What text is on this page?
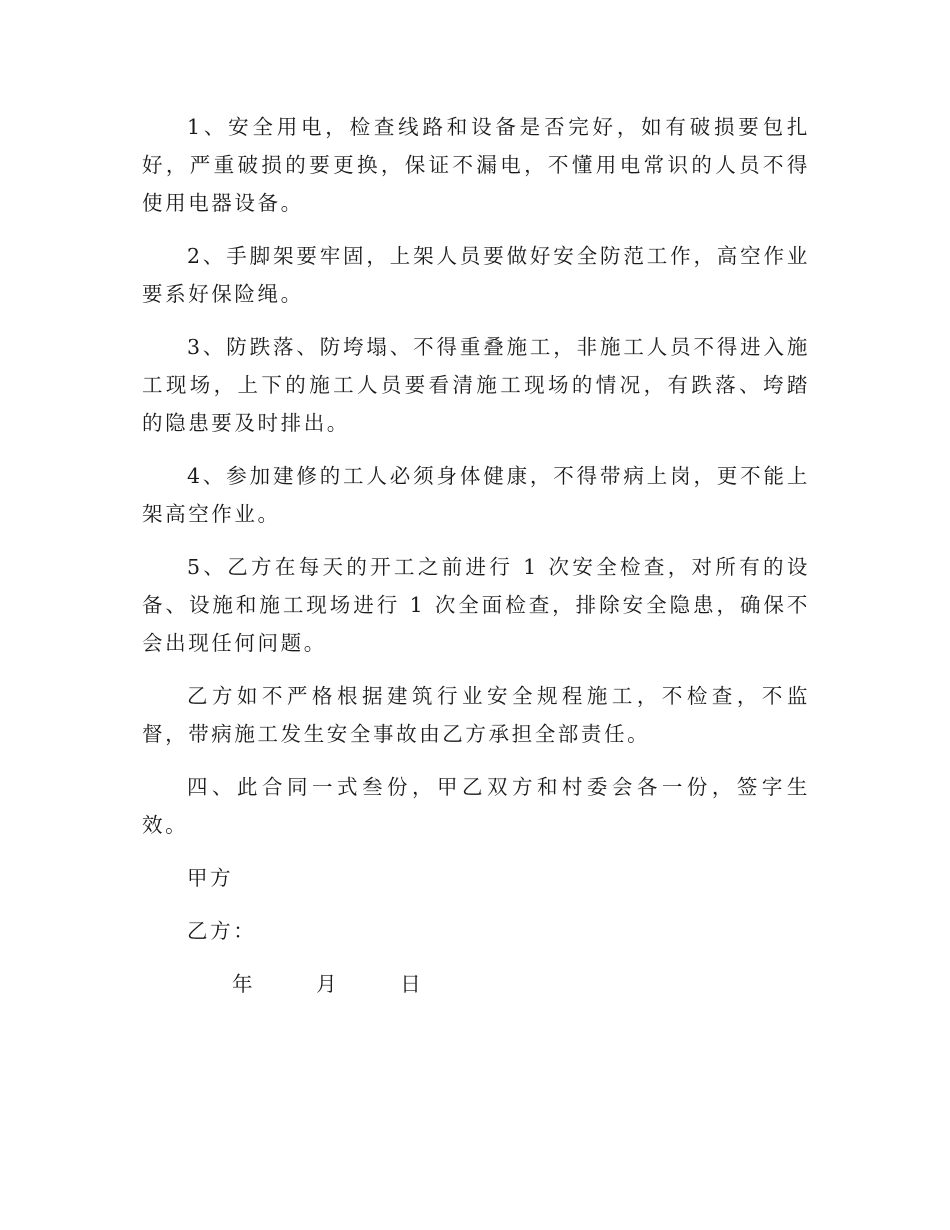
1、安全用电，检查线路和设备是否完好，如有破损要包扎好，严重破损的要更换，保证不漏电，不懂用电常识的人员不得使用电器设备。

2、手脚架要牢固，上架人员要做好安全防范工作，高空作业要系好保险绳。

3、防跌落、防垮塌、不得重叠施工，非施工人员不得进入施工现场，上下的施工人员要看清施工现场的情况，有跌落、垮踏的隐患要及时排出。

4、参加建修的工人必须身体健康，不得带病上岗，更不能上架高空作业。

5、乙方在每天的开工之前进行 1 次安全检查，对所有的设备、设施和施工现场进行 1 次全面检查，排除安全隐患，确保不会出现任何问题。

乙方如不严格根据建筑行业安全规程施工，不检查，不监督，带病施工发生安全事故由乙方承担全部责任。

四、此合同一式叁份，甲乙双方和村委会各一份，签字生效。

甲方

乙方：

年	月	日
